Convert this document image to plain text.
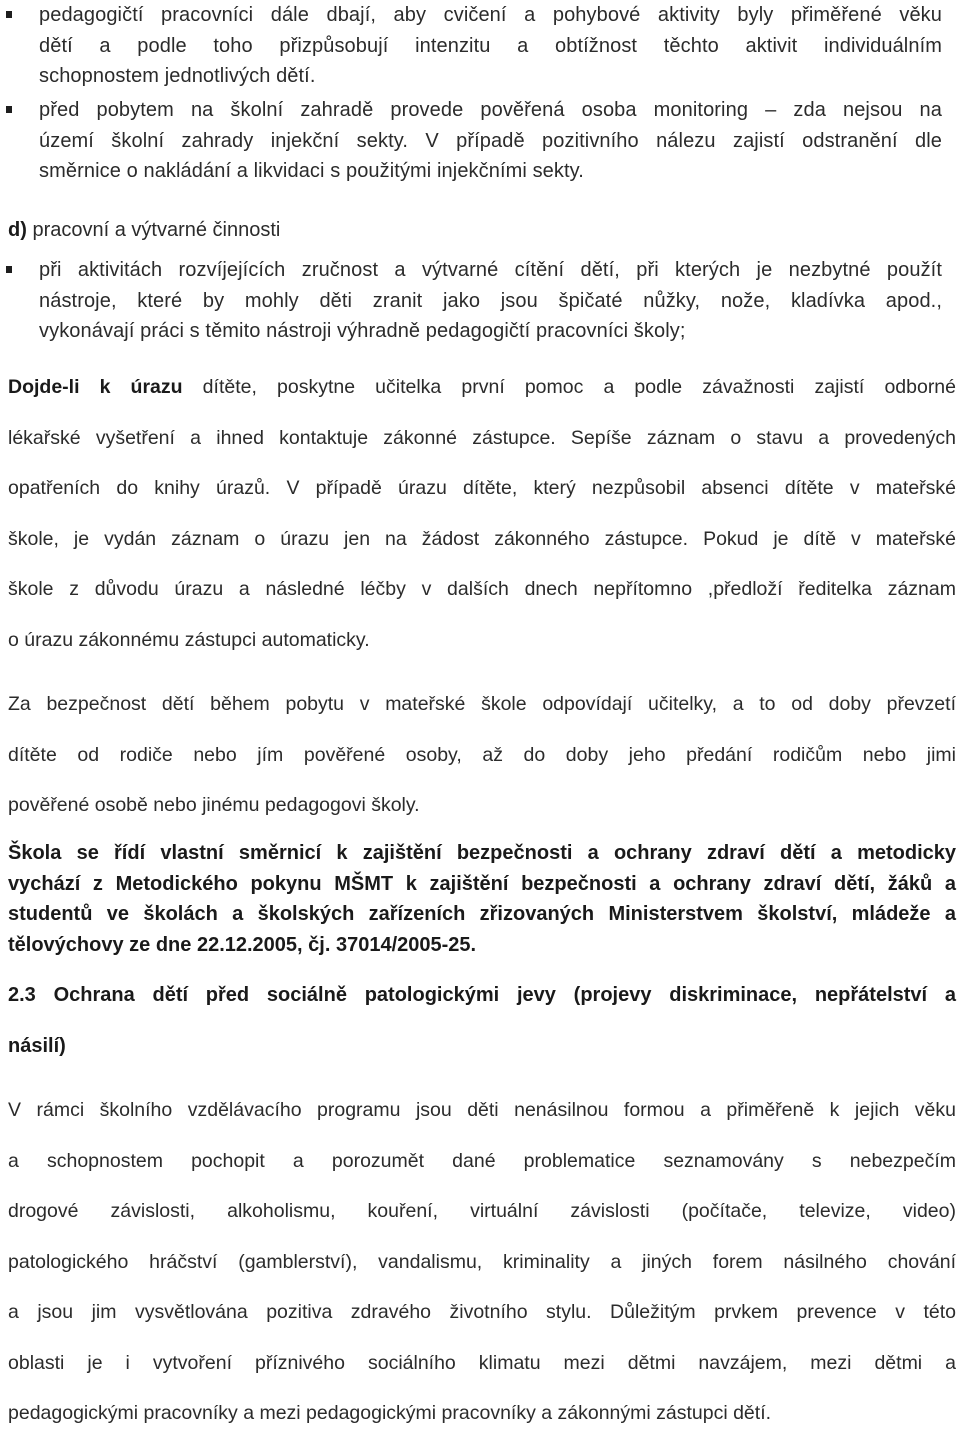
pedagogičtí pracovníci dále dbají, aby cvičení a pohybové aktivity byly přiměřené věku
dětí a podle toho přizpůsobují intenzitu a obtížnost těchto aktivit individuálním
schopnostem jednotlivých dětí.
před pobytem na školní zahradě provede pověřená osoba monitoring – zda nejsou na
území školní zahrady injekční sekty. V případě pozitivního nálezu zajistí odstranění dle
směrnice o nakládání a likvidaci s použitými injekčními sekty.
d) pracovní a výtvarné činnosti
při aktivitách rozvíjejících zručnost a výtvarné cítění dětí, při kterých je nezbytné použít
nástroje, které by mohly děti zranit jako jsou špičaté nůžky, nože, kladívka apod.,
vykonávají práci s těmito nástroji výhradně pedagogičtí pracovníci školy;
Dojde-li k úrazu dítěte, poskytne učitelka první pomoc a podle závažnosti zajistí odborné
lékařské vyšetření a ihned kontaktuje zákonné zástupce. Sepíše záznam o stavu a provedených
opatřeních do knihy úrazů. V případě úrazu dítěte, který nezpůsobil absenci dítěte v mateřské
škole, je vydán záznam o úrazu jen na žádost zákonného zástupce. Pokud je dítě v mateřské
škole z důvodu úrazu a následné léčby v dalších dnech nepřítomno ,předloží ředitelka záznam
o úrazu zákonnému zástupci automaticky.
Za bezpečnost dětí během pobytu v mateřské škole odpovídají učitelky, a to od doby převzetí
dítěte od rodiče nebo jím pověřené osoby, až do doby jeho předání rodičům nebo jimi
pověřené osobě nebo jinému pedagogovi školy.
Škola se řídí vlastní směrnicí k zajištění bezpečnosti a ochrany zdraví dětí a metodicky
vychází z Metodického pokynu MŠMT k zajištění bezpečnosti a ochrany zdraví dětí, žáků a
studentů ve školách a školských zařízeních zřizovaných Ministerstvem školství, mládeže a
tělovýchovy ze dne 22.12.2005, čj. 37014/2005-25.
2.3 Ochrana dětí před sociálně patologickými jevy (projevy diskriminace, nepřátelství a
násilí)
V rámci školního vzdělávacího programu jsou děti nenásilnou formou a přiměřeně k jejich věku
a schopnostem pochopit a porozumět dané problematice seznamovány s nebezpečím
drogové závislosti, alkoholismu, kouření, virtuální závislosti (počítače, televize, video)
patologického hráčství (gamblerství), vandalismu, kriminality a jiných forem násilného chování
a jsou jim vysvětlována pozitiva zdravého životního stylu. Důležitým prvkem prevence v této
oblasti je i vytvoření příznivého sociálního klimatu mezi dětmi navzájem, mezi dětmi a
pedagogickými pracovníky a mezi pedagogickými pracovníky a zákonnými zástupci dětí.
